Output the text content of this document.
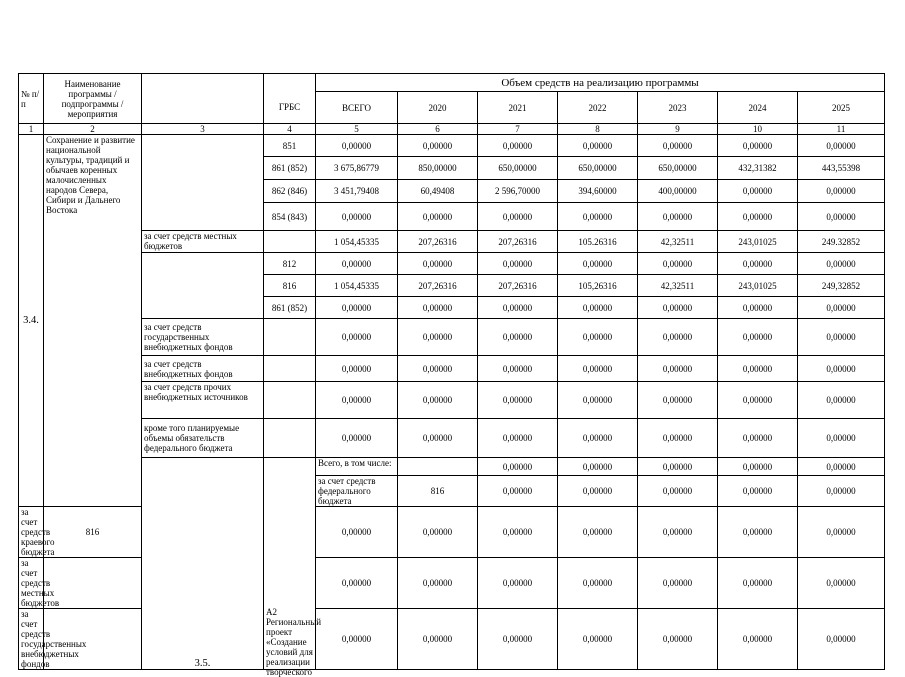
№ п/п	Наименование программы / подпрограммы / мероприятия			Объем средств на реализацию программы							
			ГРБС	ВСЕГО	2020	2021	2022	2023	2024	2025	
1	2	3	4	5	6	7	8	9	10	11	
3.4.	Сохранение и развитие национальной культуры, традиций и обычаев коренных малочисленных народов Севера, Сибири и Дальнего Востока		851	0,00000	0,00000	0,00000	0,00000	0,00000	0,00000	0,00000	
			861 (852)	3 675,86779	850,00000	650,00000	650,00000	650,00000	432,31382	443,55398	
			862 (846)	3 451,79408	60,49408	2 596,70000	394,60000	400,00000	0,00000	0,00000	
			854 (843)	0,00000	0,00000	0,00000	0,00000	0,00000	0,00000	0,00000	
		за счет средств местных бюджетов		1 054,45335	207,26316	207,26316	105.26316	42,32511	243,01025	249.32852	
			812	0,00000	0,00000	0,00000	0,00000	0,00000	0,00000	0,00000	
			816	1 054,45335	207,26316	207,26316	105,26316	42,32511	243,01025	249,32852	
			861 (852)	0,00000	0,00000	0,00000	0,00000	0,00000	0,00000	0,00000	
		за счет средств государственных внебюджетных фондов		0,00000	0,00000	0,00000	0,00000	0,00000	0,00000	0,00000	
		за счет средств внебюджетных фондов		0,00000	0,00000	0,00000	0,00000	0,00000	0,00000	0,00000	
		за счет средств прочих внебюджетных источников		0,00000	0,00000	0,00000	0,00000	0,00000	0,00000	0,00000	
		кроме того планируемые объемы обязательств федерального бюджета		0,00000	0,00000	0,00000	0,00000	0,00000	0,00000	0,00000	
		3.5.	А2 Региональный проект «Создание условий для реализации творческого	Всего, в том числе:		0,00000	0,00000	0,00000	0,00000	0,00000		
				за счет средств федерального бюджета	816	0,00000	0,00000	0,00000	0,00000	0,00000		
за счет средств краевого бюджета	816			0,00000	0,00000	0,00000	0,00000	0,00000	0,00000	0,00000	
за счет средств местных бюджетов				0,00000	0,00000	0,00000	0,00000	0,00000	0,00000	0,00000	
за счет средств государственных внебюджетных фондов				0,00000	0,00000	0,00000	0,00000	0,00000	0,00000	0,00000	
